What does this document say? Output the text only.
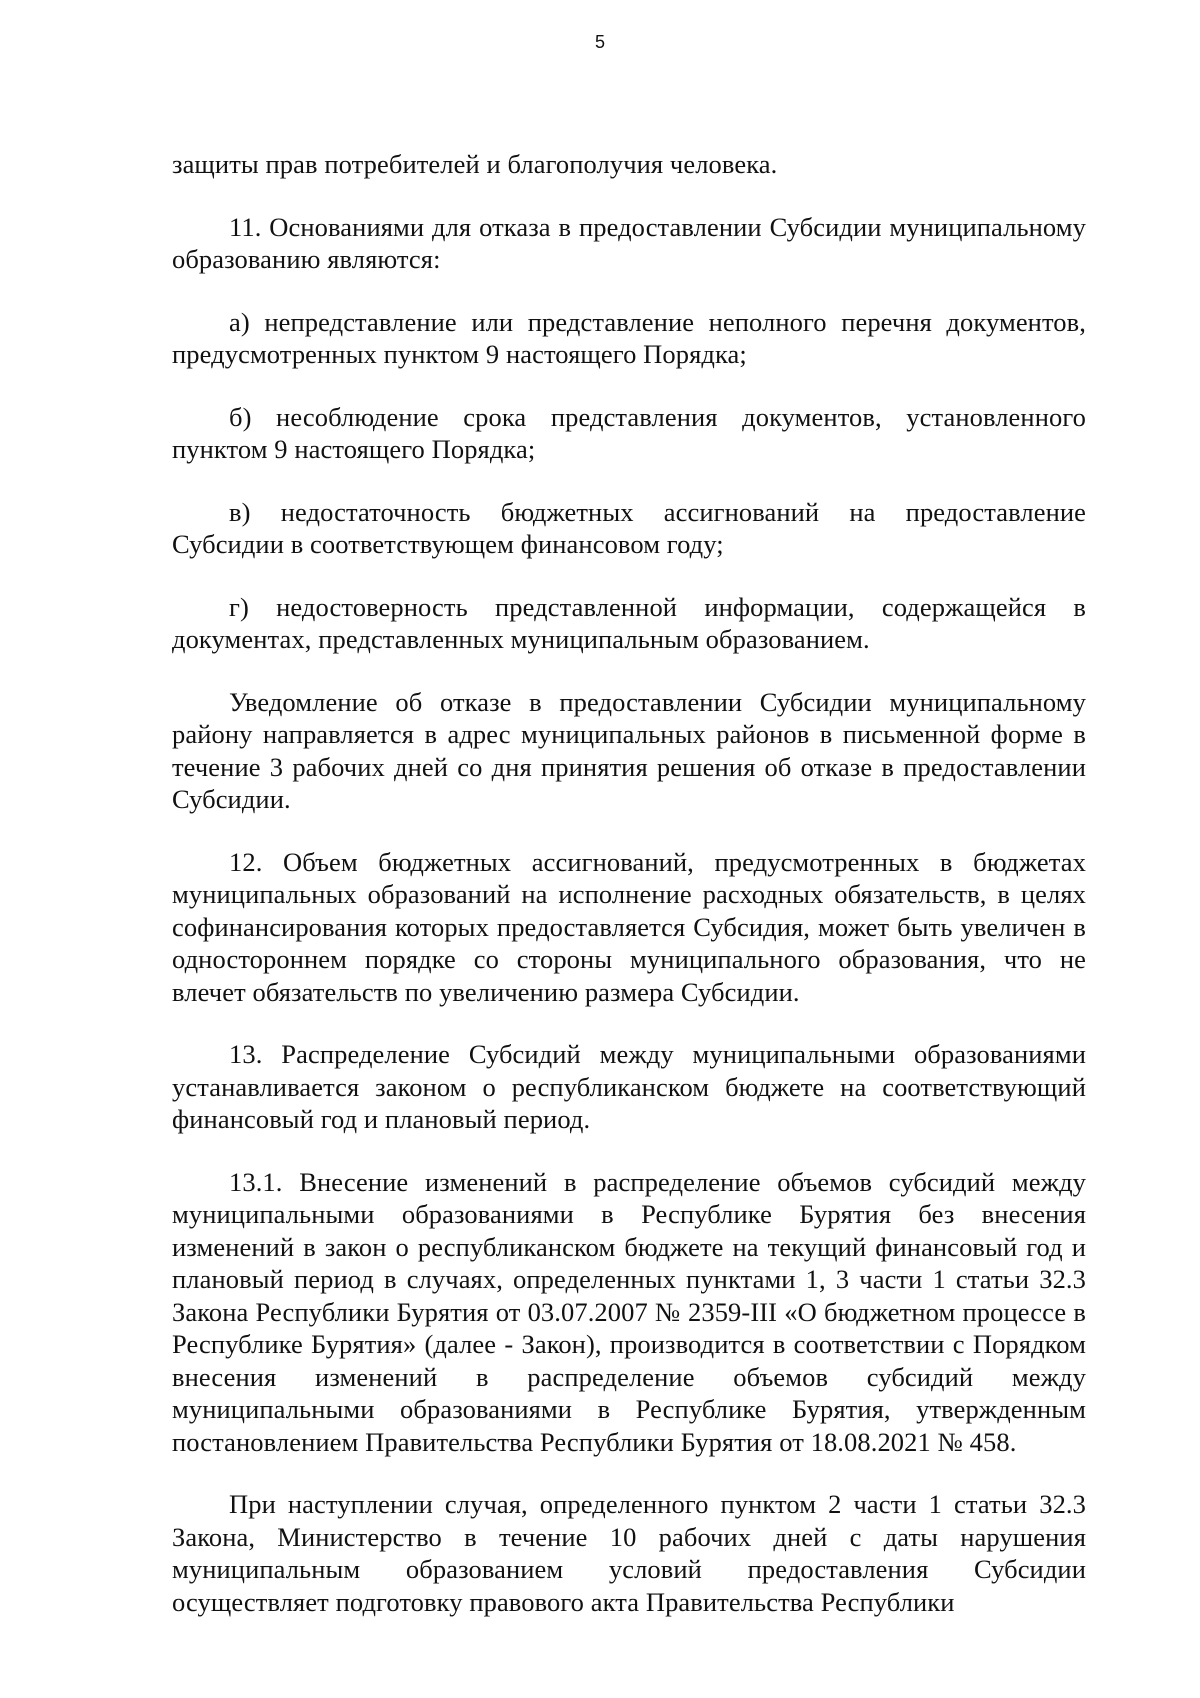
5

защиты прав потребителей и благополучия человека.

11. Основаниями для отказа в предоставлении Субсидии муниципальному образованию являются:

а) непредставление или представление неполного перечня документов, предусмотренных пунктом 9 настоящего Порядка;

б) несоблюдение срока представления документов, установленного пунктом 9 настоящего Порядка;

в) недостаточность бюджетных ассигнований на предоставление Субсидии в соответствующем финансовом году;

г) недостоверность представленной информации, содержащейся в документах, представленных муниципальным образованием.

Уведомление об отказе в предоставлении Субсидии муниципальному району направляется в адрес муниципальных районов в письменной форме в течение 3 рабочих дней со дня принятия решения об отказе в предоставлении Субсидии.

12. Объем бюджетных ассигнований, предусмотренных в бюджетах муниципальных образований на исполнение расходных обязательств, в целях софинансирования которых предоставляется Субсидия, может быть увеличен в одностороннем порядке со стороны муниципального образования, что не влечет обязательств по увеличению размера Субсидии.

13. Распределение Субсидий между муниципальными образованиями устанавливается законом о республиканском бюджете на соответствующий финансовый год и плановый период.

13.1. Внесение изменений в распределение объемов субсидий между муниципальными образованиями в Республике Бурятия без внесения изменений в закон о республиканском бюджете на текущий финансовый год и плановый период в случаях, определенных пунктами 1, 3 части 1 статьи 32.3 Закона Республики Бурятия от 03.07.2007 № 2359-III «О бюджетном процессе в Республике Бурятия» (далее - Закон), производится в соответствии с Порядком внесения изменений в распределение объемов субсидий между муниципальными образованиями в Республике Бурятия, утвержденным постановлением Правительства Республики Бурятия от 18.08.2021 № 458.

При наступлении случая, определенного пунктом 2 части 1 статьи 32.3 Закона, Министерство в течение 10 рабочих дней с даты нарушения муниципальным образованием условий предоставления Субсидии осуществляет подготовку правового акта Правительства Республики
